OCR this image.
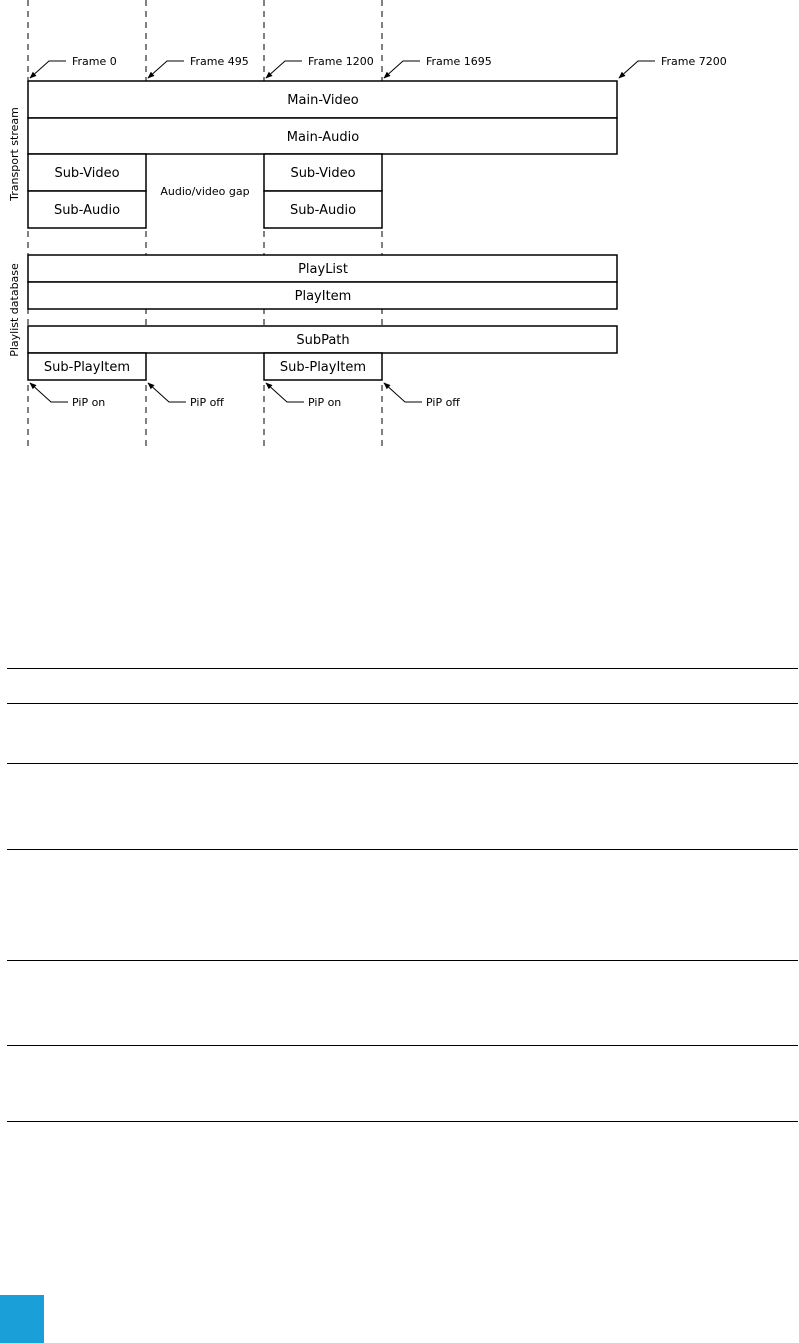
Frame 0	Frame 495	Frame 1200	Frame 1695	Frame 7200
Transport stream
Playlist database
Main-Video
Main-Audio
Sub-Video
Sub-Audio
Audio/video gap
Sub-Video
Sub-Audio
PlayList
PlayItem
SubPath
Sub-PlayItem	Sub-PlayItem
PiP on	PiP off	PiP on	PiP off
